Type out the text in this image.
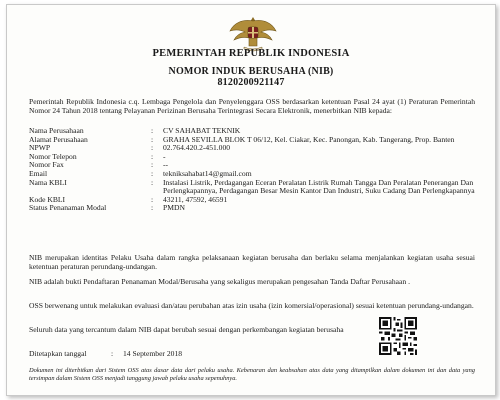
PEMERINTAH REPUBLIK INDONESIA
NOMOR INDUK BERUSAHA (NIB)
8120200921147
Pemerintah Republik Indonesia c.q. Lembaga Pengelola dan Penyelenggara OSS berdasarkan ketentuan Pasal 24 ayat (1) Peraturan Pemerintah Nomor 24 Tahun 2018 tentang Pelayanan Perizinan Berusaha Terintegrasi Secara Elektronik, menerbitkan NIB kepada:
Nama Perusahaan	:	CV SAHABAT TEKNIK
Alamat Perusahaan	:	GRAHA SEVILLA BLOK T 06/12, Kel. Ciakar, Kec. Panongan, Kab. Tangerang, Prop. Banten
NPWP	:	02.764.420.2-451.000
Nomor Telepon	:	-
Nomor Fax	:	--
Email	:	tekniksahabat14@gmail.com
Nama KBLI	:	Instalasi Listrik, Perdagangan Eceran Peralatan Listrik Rumah Tangga Dan Peralatan Penerangan Dan Perlengkapannya, Perdagangan Besar Mesin Kantor Dan Industri, Suku Cadang Dan Perlengkapannya
Kode KBLI	:	43211, 47592, 46591
Status Penanaman Modal	:	PMDN
NIB merupakan identitas Pelaku Usaha dalam rangka pelaksanaan kegiatan berusaha dan berlaku selama menjalankan kegiatan usaha sesuai ketentuan peraturan perundang-undangan.
NIB adalah bukti Pendaftaran Penanaman Modal/Berusaha yang sekaligus merupakan pengesahan Tanda Daftar Perusahaan .
OSS berwenang untuk melakukan evaluasi dan/atau perubahan atas izin usaha (izin komersial/operasional) sesuai ketentuan perundang-undangan.
Seluruh data yang tercantum dalam NIB dapat berubah sesuai dengan perkembangan kegiatan berusaha
Ditetapkan tanggal	:	14 September 2018
Dokumen ini diterbitkan dari Sistem OSS atas dasar data dari pelaku usaha. Kebenaran dan keabsahan atas data yang ditampilkan dalam dokumen ini dan data yang tersimpan dalam Sistem OSS menjadi tanggung jawab pelaku usaha sepenuhnya.
